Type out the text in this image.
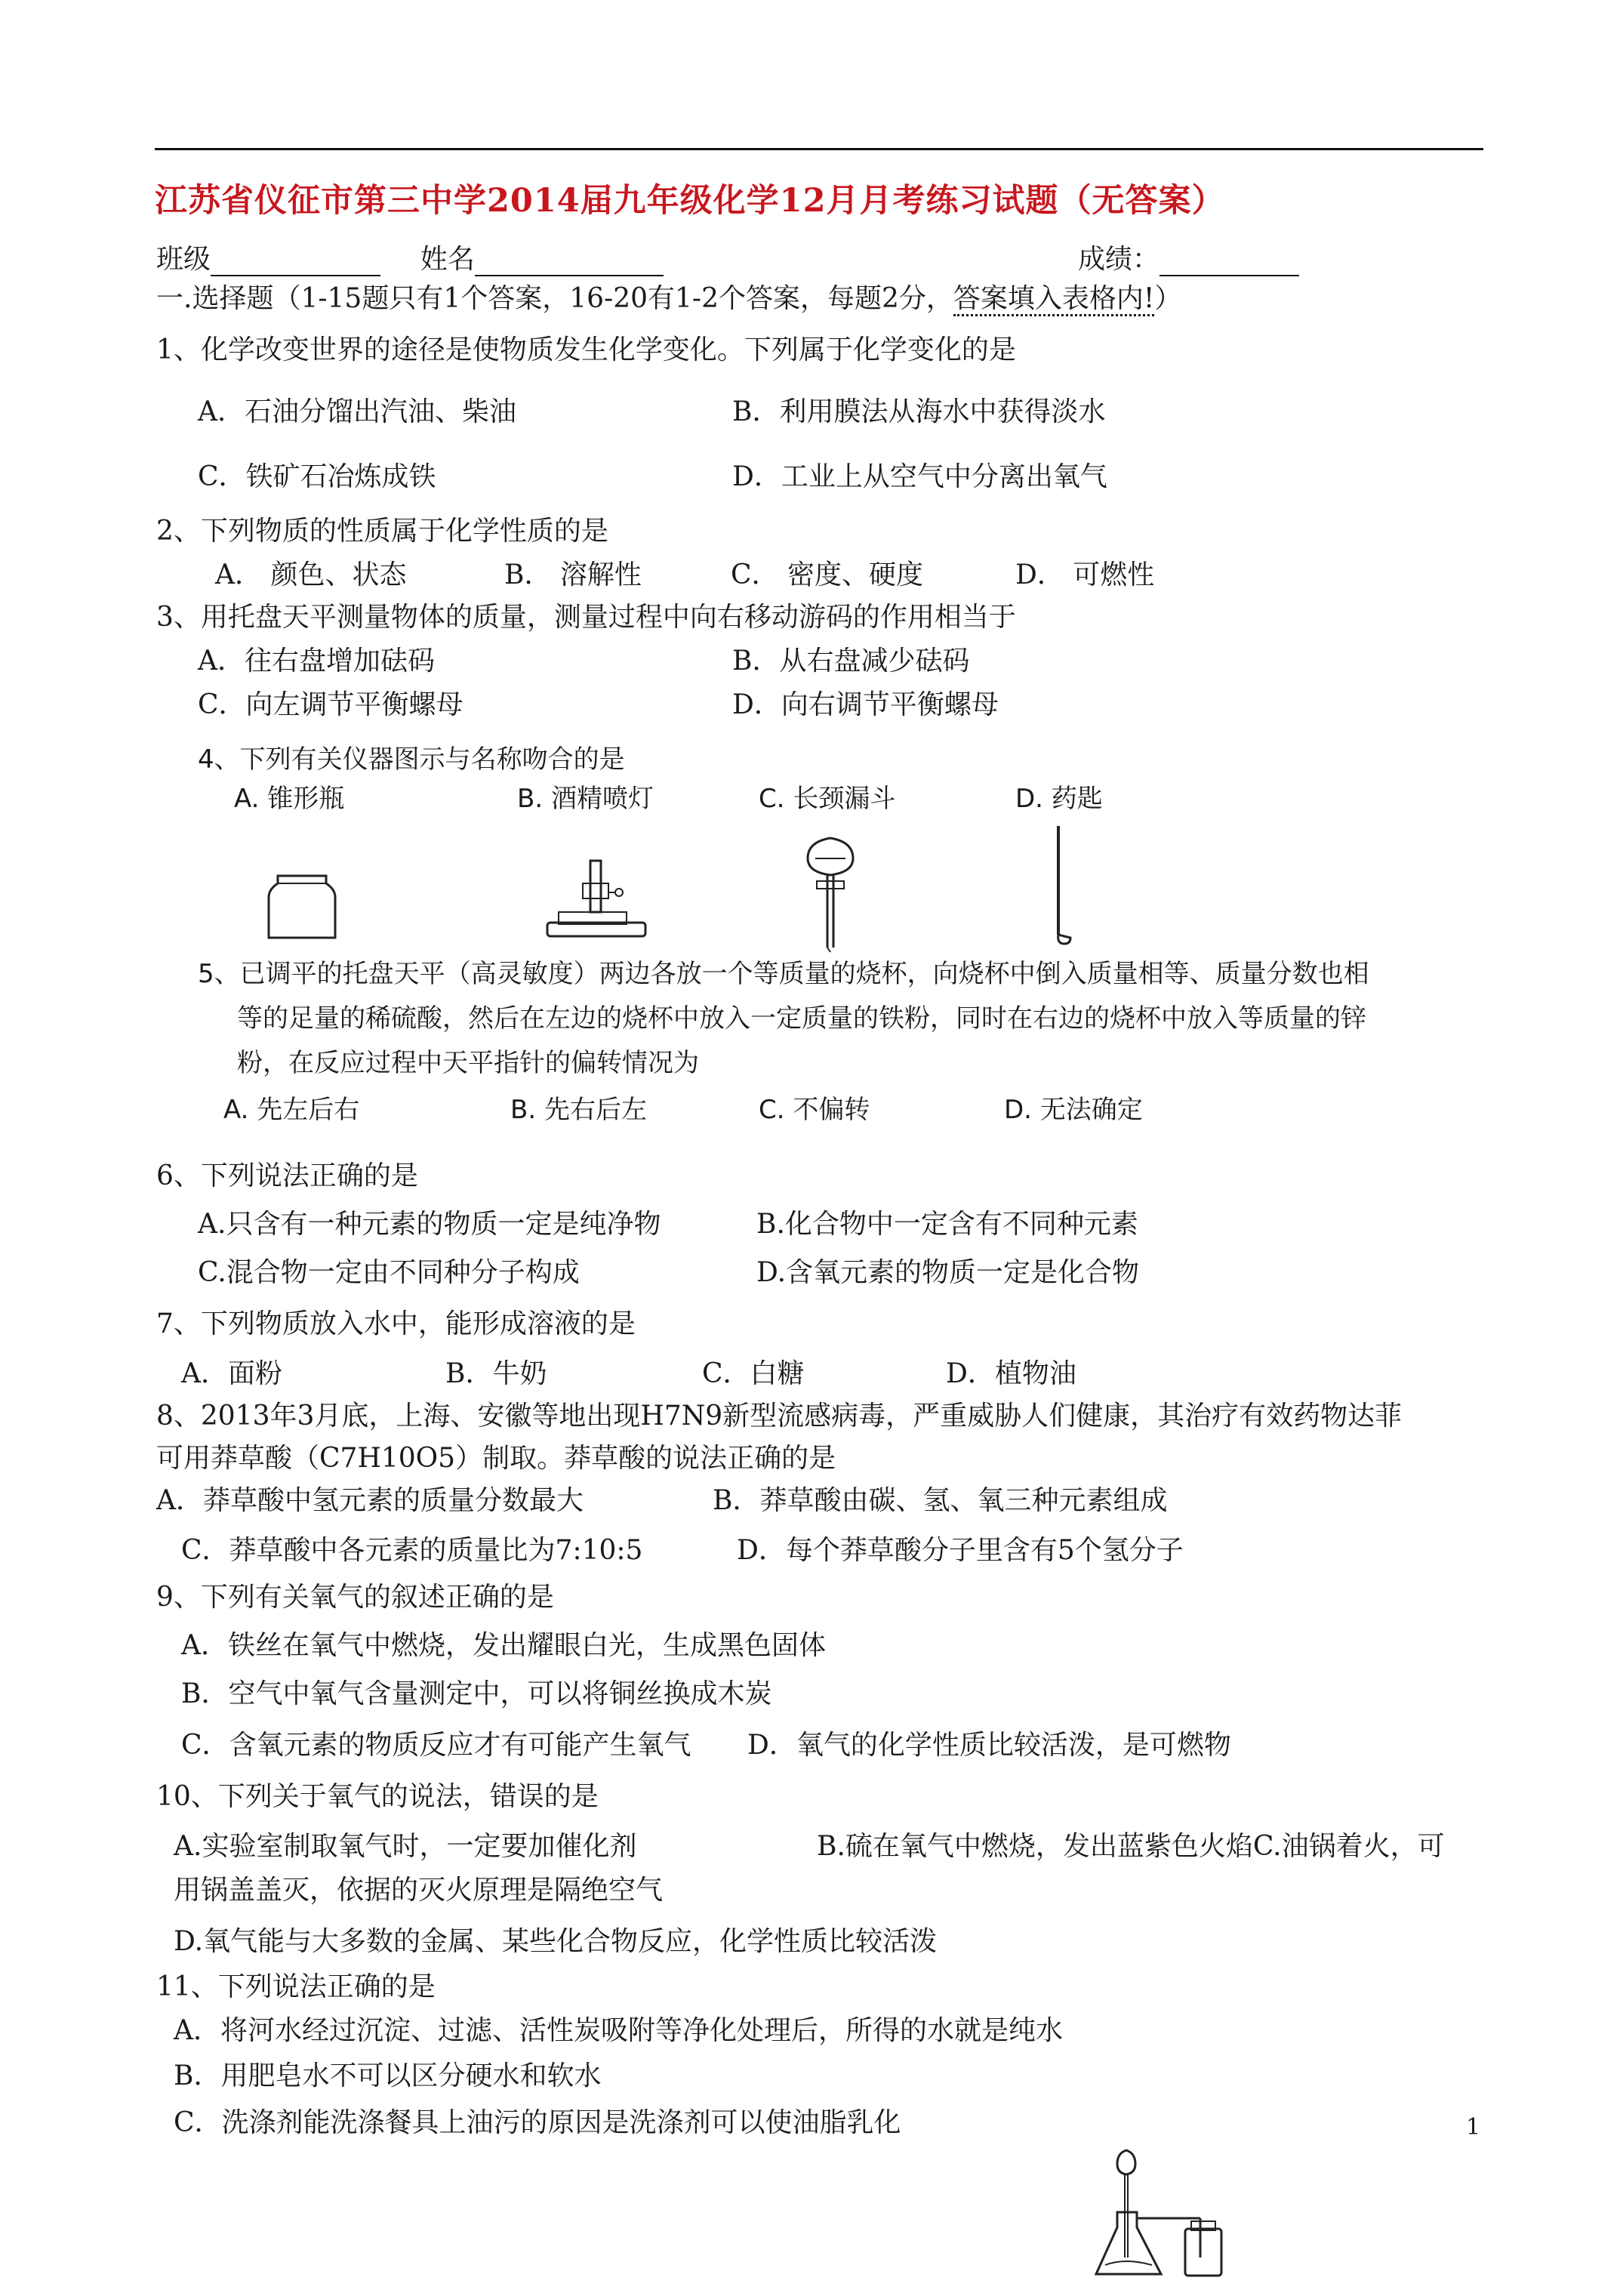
江苏省仪征市第三中学2014届九年级化学12月月考练习试题（无答案）
班级	姓名	成绩：
一.选择题（1-15题只有1个答案，16-20有1-2个答案，每题2分，答案填入表格内!）
1、化学改变世界的途径是使物质发生化学变化。下列属于化学变化的是
A．石油分馏出汽油、柴油	B．利用膜法从海水中获得淡水
C．铁矿石冶炼成铁	D．工业上从空气中分离出氧气
2、下列物质的性质属于化学性质的是
A． 颜色、状态	B． 溶解性	C． 密度、硬度	D． 可燃性
3、用托盘天平测量物体的质量，测量过程中向右移动游码的作用相当于
A．往右盘增加砝码	B．从右盘减少砝码
C．向左调节平衡螺母	D．向右调节平衡螺母
4、下列有关仪器图示与名称吻合的是
A. 锥形瓶	B. 酒精喷灯	C. 长颈漏斗	D. 药匙
5、已调平的托盘天平（高灵敏度）两边各放一个等质量的烧杯，向烧杯中倒入质量相等、质量分数也相
等的足量的稀硫酸，然后在左边的烧杯中放入一定质量的铁粉，同时在右边的烧杯中放入等质量的锌
粉，在反应过程中天平指针的偏转情况为
A. 先左后右	B. 先右后左	C. 不偏转	D. 无法确定
6、下列说法正确的是
A.只含有一种元素的物质一定是纯净物	B.化合物中一定含有不同种元素
C.混合物一定由不同种分子构成	D.含氧元素的物质一定是化合物
7、下列物质放入水中，能形成溶液的是
A．面粉	B．牛奶	C．白糖	D．植物油
8、2013年3月底，上海、安徽等地出现H7N9新型流感病毒，严重威胁人们健康，其治疗有效药物达菲
可用莽草酸（C7H10O5）制取。莽草酸的说法正确的是
A．莽草酸中氢元素的质量分数最大	B．莽草酸由碳、氢、氧三种元素组成
C．莽草酸中各元素的质量比为7:10:5	D．每个莽草酸分子里含有5个氢分子
9、下列有关氧气的叙述正确的是
A．铁丝在氧气中燃烧，发出耀眼白光，生成黑色固体
B．空气中氧气含量测定中，可以将铜丝换成木炭
C．含氧元素的物质反应才有可能产生氧气 D．氧气的化学性质比较活泼，是可燃物
10、下列关于氧气的说法，错误的是
A.实验室制取氧气时，一定要加催化剂	B.硫在氧气中燃烧，发出蓝紫色火焰C.油锅着火，可
用锅盖盖灭，依据的灭火原理是隔绝空气
D.氧气能与大多数的金属、某些化合物反应，化学性质比较活泼
11、下列说法正确的是
A．将河水经过沉淀、过滤、活性炭吸附等净化处理后，所得的水就是纯水
B．用肥皂水不可以区分硬水和软水
C．洗涤剂能洗涤餐具上油污的原因是洗涤剂可以使油脂乳化	1
